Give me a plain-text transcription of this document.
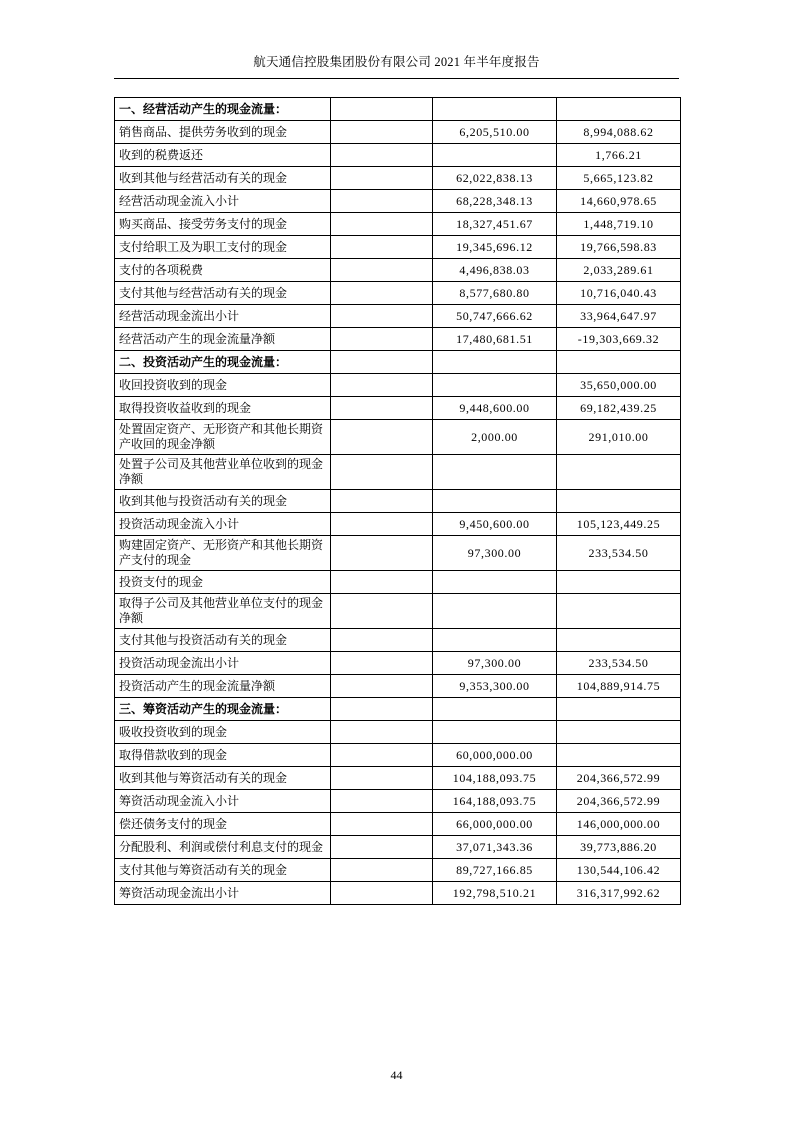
航天通信控股集团股份有限公司 2021 年半年度报告
一、经营活动产生的现金流量：			
销售商品、提供劳务收到的现金		6,205,510.00	8,994,088.62
收到的税费返还			1,766.21
收到其他与经营活动有关的现金		62,022,838.13	5,665,123.82
经营活动现金流入小计		68,228,348.13	14,660,978.65
购买商品、接受劳务支付的现金		18,327,451.67	1,448,719.10
支付给职工及为职工支付的现金		19,345,696.12	19,766,598.83
支付的各项税费		4,496,838.03	2,033,289.61
支付其他与经营活动有关的现金		8,577,680.80	10,716,040.43
经营活动现金流出小计		50,747,666.62	33,964,647.97
经营活动产生的现金流量净额		17,480,681.51	-19,303,669.32
二、投资活动产生的现金流量：			
收回投资收到的现金			35,650,000.00
取得投资收益收到的现金		9,448,600.00	69,182,439.25
处置固定资产、无形资产和其他长期资产收回的现金净额		2,000.00	291,010.00
处置子公司及其他营业单位收到的现金净额			
收到其他与投资活动有关的现金			
投资活动现金流入小计		9,450,600.00	105,123,449.25
购建固定资产、无形资产和其他长期资产支付的现金		97,300.00	233,534.50
投资支付的现金			
取得子公司及其他营业单位支付的现金净额			
支付其他与投资活动有关的现金			
投资活动现金流出小计		97,300.00	233,534.50
投资活动产生的现金流量净额		9,353,300.00	104,889,914.75
三、筹资活动产生的现金流量：			
吸收投资收到的现金			
取得借款收到的现金		60,000,000.00	
收到其他与筹资活动有关的现金		104,188,093.75	204,366,572.99
筹资活动现金流入小计		164,188,093.75	204,366,572.99
偿还债务支付的现金		66,000,000.00	146,000,000.00
分配股利、利润或偿付利息支付的现金		37,071,343.36	39,773,886.20
支付其他与筹资活动有关的现金		89,727,166.85	130,544,106.42
筹资活动现金流出小计		192,798,510.21	316,317,992.62
44
